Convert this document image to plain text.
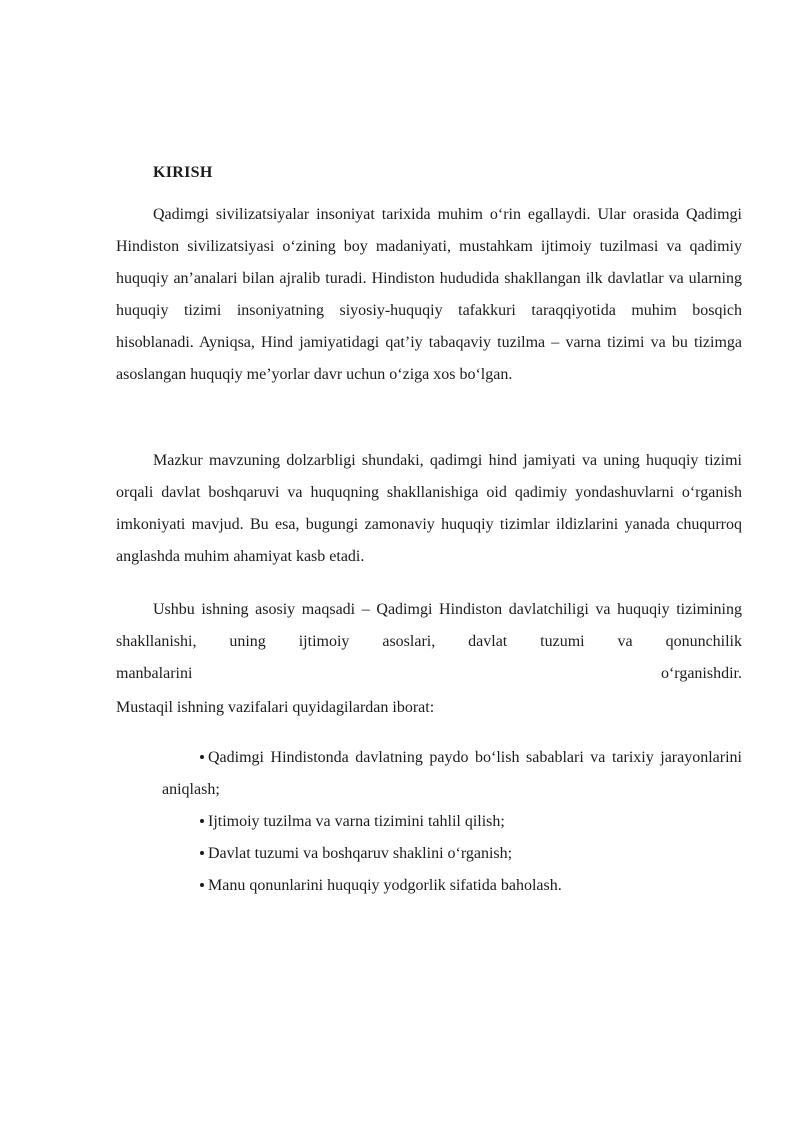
KIRISH

Qadimgi sivilizatsiyalar insoniyat tarixida muhim o‘rin egallaydi. Ular orasida Qadimgi Hindiston sivilizatsiyasi o‘zining boy madaniyati, mustahkam ijtimoiy tuzilmasi va qadimiy huquqiy an’analari bilan ajralib turadi. Hindiston hududida shakllangan ilk davlatlar va ularning huquqiy tizimi insoniyatning siyosiy-huquqiy tafakkuri taraqqiyotida muhim bosqich hisoblanadi. Ayniqsa, Hind jamiyatidagi qat’iy tabaqaviy tuzilma – varna tizimi va bu tizimga asoslangan huquqiy me’yorlar davr uchun o‘ziga xos bo‘lgan.

Mazkur mavzuning dolzarbligi shundaki, qadimgi hind jamiyati va uning huquqiy tizimi orqali davlat boshqaruvi va huquqning shakllanishiga oid qadimiy yondashuvlarni o‘rganish imkoniyati mavjud. Bu esa, bugungi zamonaviy huquqiy tizimlar ildizlarini yanada chuqurroq anglashda muhim ahamiyat kasb etadi.

Ushbu ishning asosiy maqsadi – Qadimgi Hindiston davlatchiligi va huquqiy tizimining shakllanishi, uning ijtimoiy asoslari, davlat tuzumi va qonunchilik manbalarini o‘rganishdir.

Mustaqil ishning vazifalari quyidagilardan iborat:

Qadimgi Hindistonda davlatning paydo bo‘lish sabablari va tarixiy jarayonlarini aniqlash;
Ijtimoiy tuzilma va varna tizimini tahlil qilish;
Davlat tuzumi va boshqaruv shaklini o‘rganish;
Manu qonunlarini huquqiy yodgorlik sifatida baholash.
